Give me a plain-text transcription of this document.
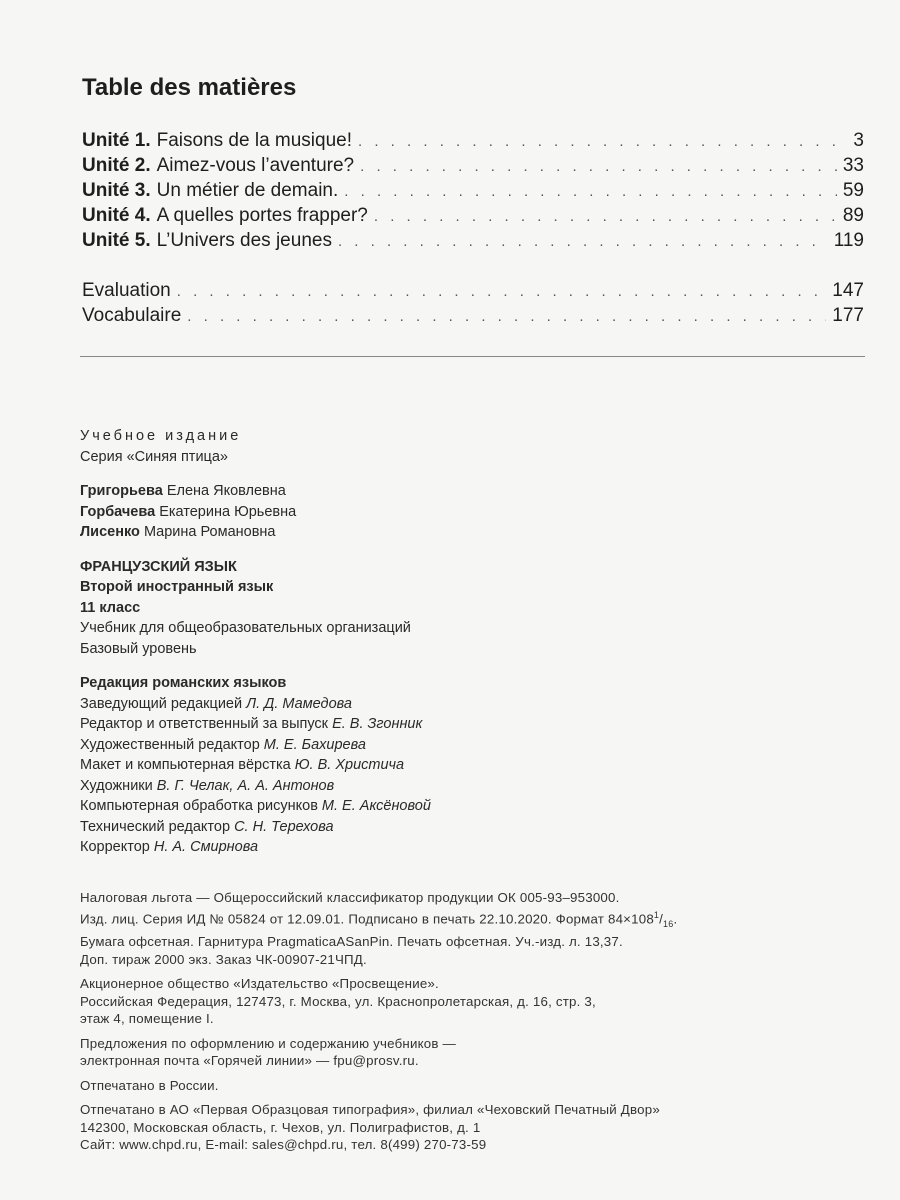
Table des matières
Unité 1. Faisons de la musique! . . .	3
Unité 2. Aimez-vous l’aventure? . . .	33
Unité 3. Un métier de demain. . . .	59
Unité 4. A quelles portes frapper? . . .	89
Unité 5. L’Univers des jeunes . . .	119
Evaluation . . .	147
Vocabulaire . . .	177
Учебное издание
Серия «Синяя птица»
Григорьева Елена Яковлевна
Горбачева Екатерина Юрьевна
Лисенко Марина Романовна
ФРАНЦУЗСКИЙ ЯЗЫК
Второй иностранный язык
11 класс
Учебник для общеобразовательных организаций
Базовый уровень
Редакция романских языков
Заведующий редакцией Л. Д. Мамедова
Редактор и ответственный за выпуск Е. В. Згонник
Художественный редактор М. Е. Бахирева
Макет и компьютерная вёрстка Ю. В. Христича
Художники В. Г. Челак, А. А. Антонов
Компьютерная обработка рисунков М. Е. Аксёновой
Технический редактор С. Н. Терехова
Корректор Н. А. Смирнова
Налоговая льгота — Общероссийский классификатор продукции ОК 005-93–953000.
Изд. лиц. Серия ИД № 05824 от 12.09.01. Подписано в печать 22.10.2020. Формат $84\times 108^1/_{16}$.
Бумага офсетная. Гарнитура PragmaticaASanPin. Печать офсетная. Уч.-изд. л. 13,37.
Доп. тираж 2000 экз. Заказ ЧК-00907-21ЧПД.
Акционерное общество «Издательство «Просвещение».
Российская Федерация, 127473, г. Москва, ул. Краснопролетарская, д. 16, стр. 3,
этаж 4, помещение I.
Предложения по оформлению и содержанию учебников —
электронная почта «Горячей линии» — fpu@prosv.ru.
Отпечатано в России.
Отпечатано в АО «Первая Образцовая типография», филиал «Чеховский Печатный Двор»
142300, Московская область, г. Чехов, ул. Полиграфистов, д. 1
Сайт: www.chpd.ru, E-mail: sales@chpd.ru, тел. 8(499) 270-73-59
